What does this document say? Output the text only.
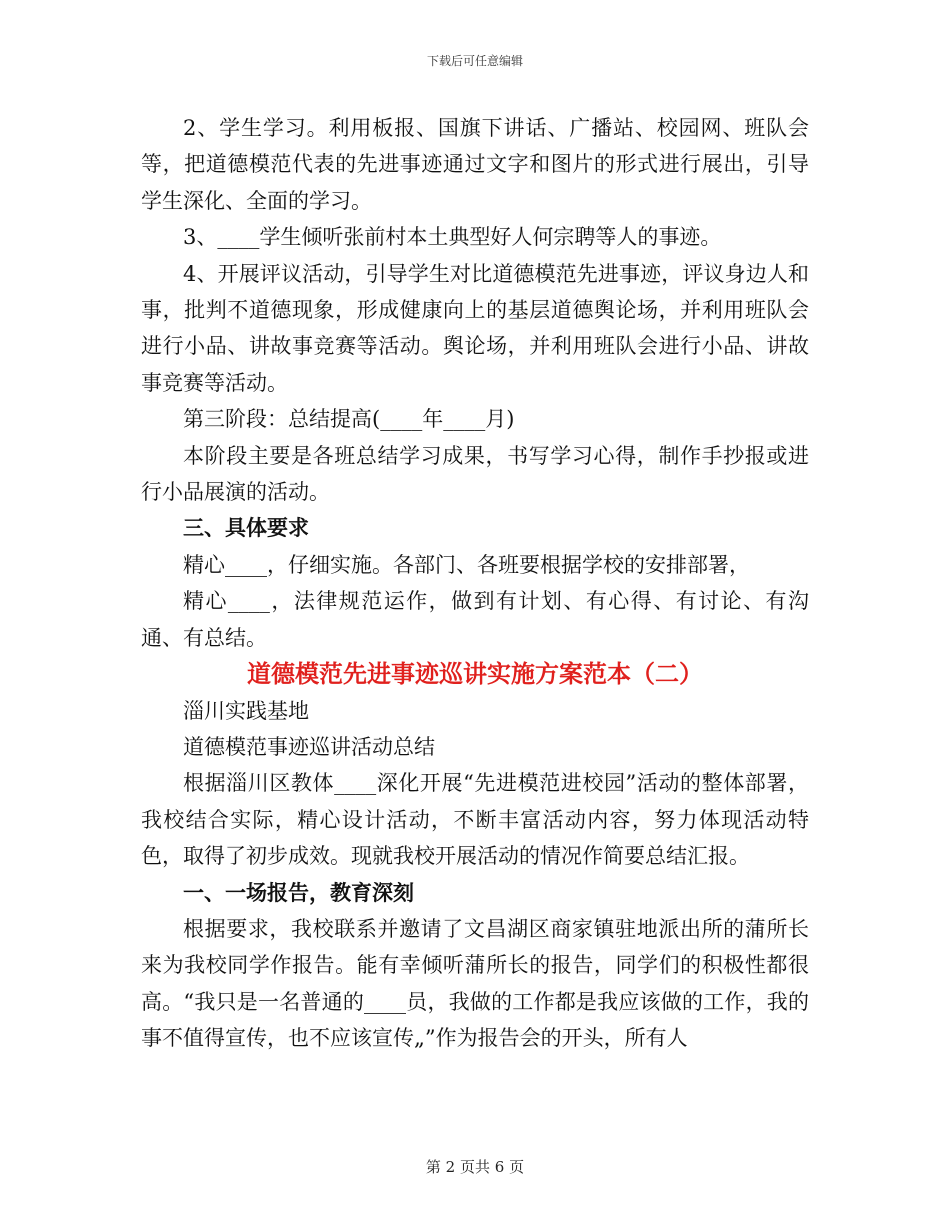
下载后可任意编辑

2、学生学习。利用板报、国旗下讲话、广播站、校园网、班队会等，把道德模范代表的先进事迹通过文字和图片的形式进行展出，引导学生深化、全面的学习。

3、____学生倾听张前村本土典型好人何宗聘等人的事迹。

4、开展评议活动，引导学生对比道德模范先进事迹，评议身边人和事，批判不道德现象，形成健康向上的基层道德舆论场，并利用班队会进行小品、讲故事竞赛等活动。舆论场，并利用班队会进行小品、讲故事竞赛等活动。

第三阶段：总结提高(____年____月)

本阶段主要是各班总结学习成果，书写学习心得，制作手抄报或进行小品展演的活动。

三、具体要求

精心____，仔细实施。各部门、各班要根据学校的安排部署，

精心____，法律规范运作，做到有计划、有心得、有讨论、有沟通、有总结。

道德模范先进事迹巡讲实施方案范本（二）

淄川实践基地

道德模范事迹巡讲活动总结

根据淄川区教体____深化开展“先进模范进校园”活动的整体部署，我校结合实际，精心设计活动，不断丰富活动内容，努力体现活动特色，取得了初步成效。现就我校开展活动的情况作简要总结汇报。

一、一场报告，教育深刻

根据要求，我校联系并邀请了文昌湖区商家镇驻地派出所的蒲所长来为我校同学作报告。能有幸倾听蒲所长的报告，同学们的积极性都很高。“我只是一名普通的____员，我做的工作都是我应该做的工作，我的事不值得宣传，也不应该宣传„”作为报告会的开头，所有人

第 2 页共 6 页
